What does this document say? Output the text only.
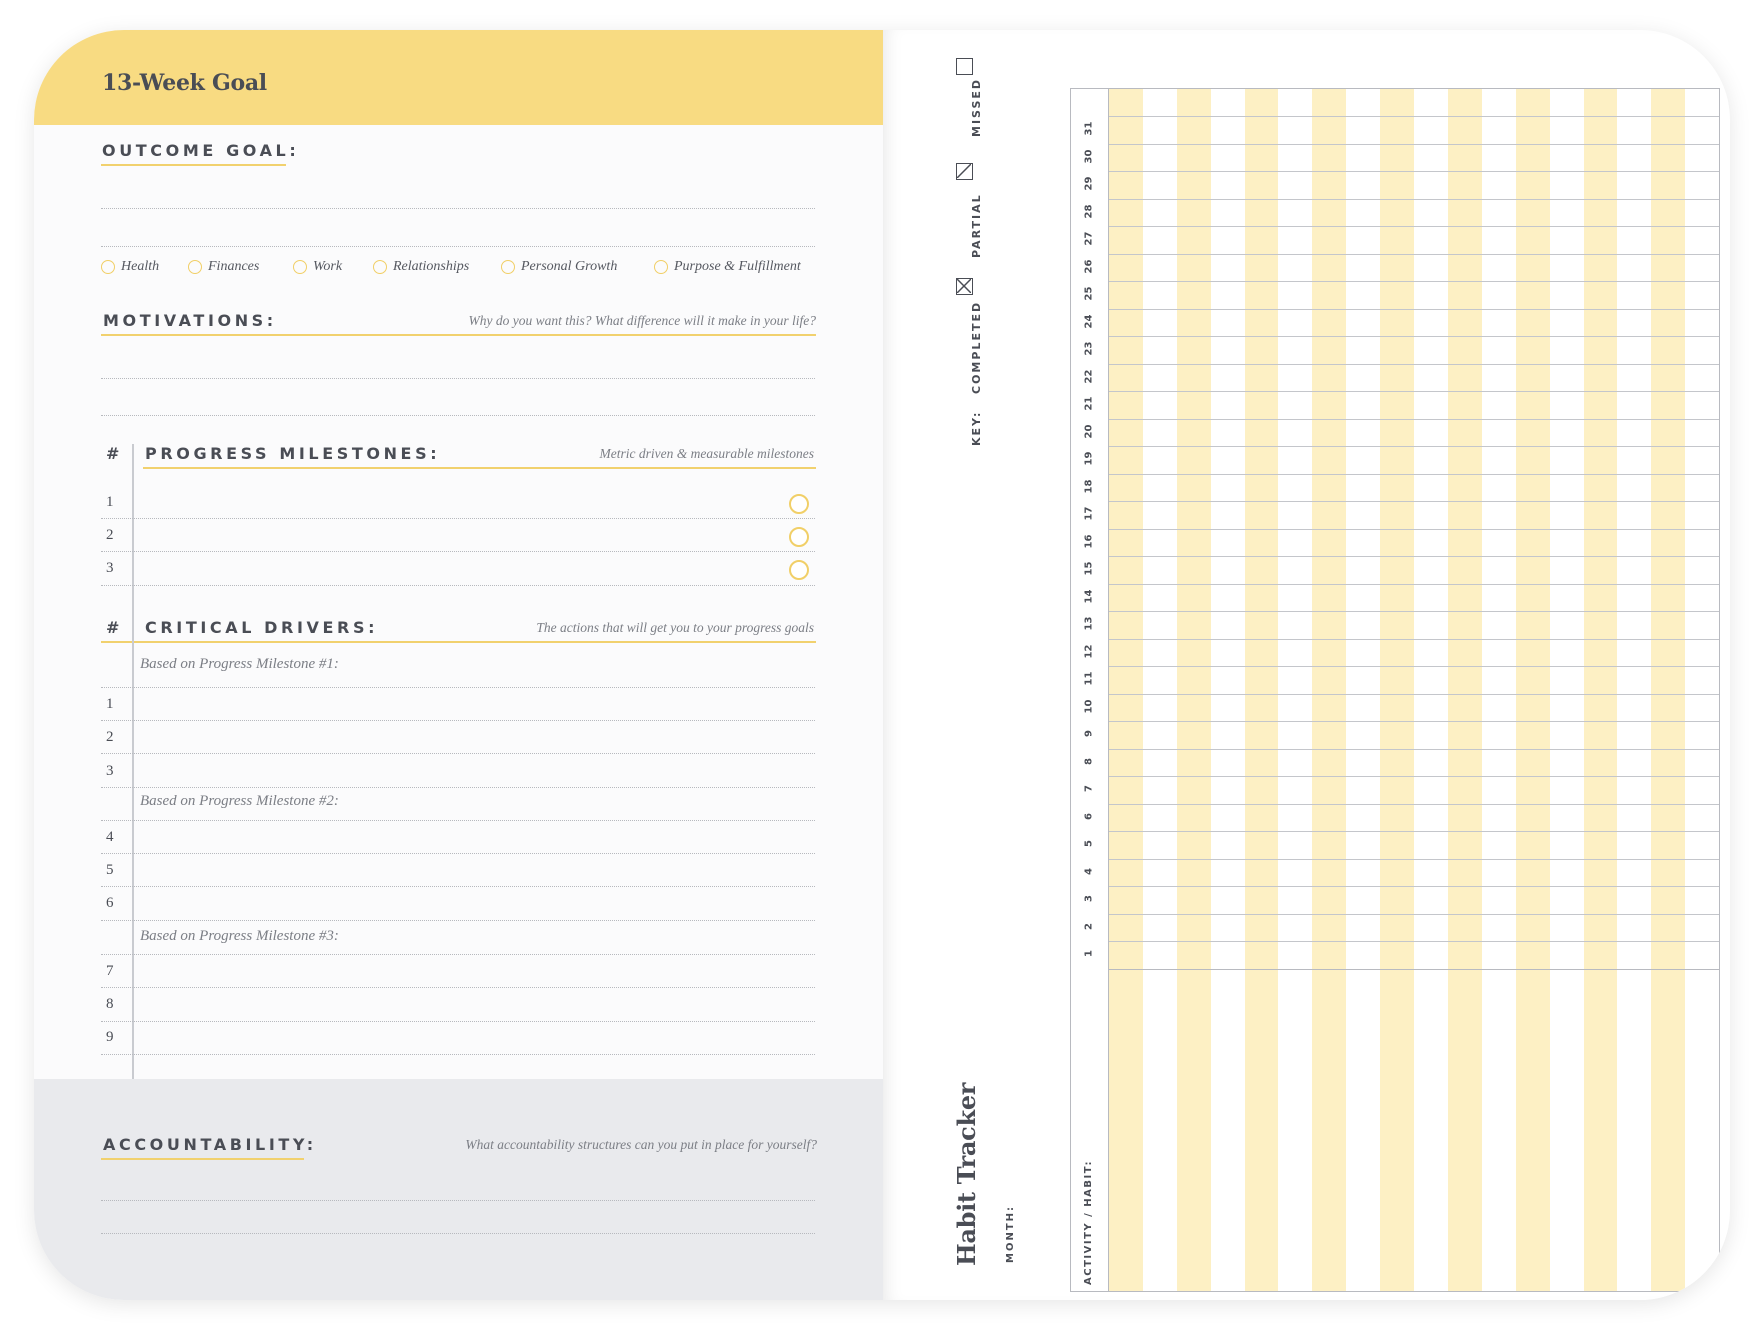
13-Week Goal
OUTCOME GOAL:
Health	Finances	Work	Relationships	Personal Growth	Purpose & Fulfillment
MOTIVATIONS:	Why do you want this? What difference will it make in your life?
# PROGRESS MILESTONES:	Metric driven & measurable milestones
1
2
3
# CRITICAL DRIVERS:	The actions that will get you to your progress goals
Based on Progress Milestone #1:
1
2
3
Based on Progress Milestone #2:
4
5
6
Based on Progress Milestone #3:
7
8
9
ACCOUNTABILITY:	What accountability structures can you put in place for yourself?
KEY:
COMPLETED
PARTIAL
MISSED
Habit Tracker MONTH:
1
2
3
4
5
6
7
8
9
10
11
12
13
14
15
16
17
18
19
20
21
22
23
24
25
26
27
28
29
30
31
ACTIVITY / HABIT:
